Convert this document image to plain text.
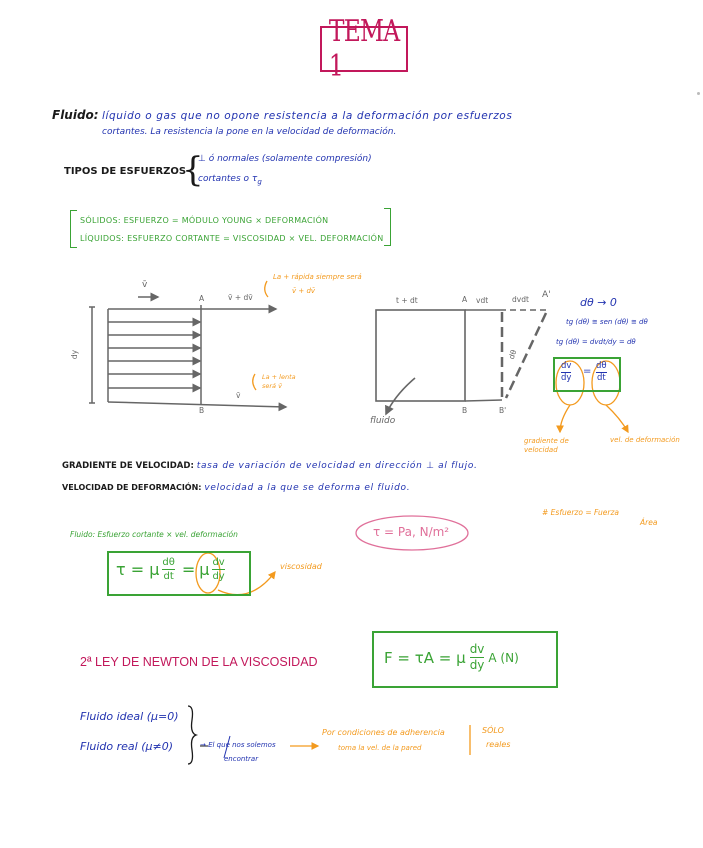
TEMA 1
Fluido: líquido o gas que no opone resistencia a la deformación por esfuerzos
cortantes. La resistencia la pone en la velocidad de deformación.
TIPOS DE ESFUERZOS
{
⊥ ó normales (solamente compresión)
cortantes o $\tau_g$
SÓLIDOS: ESFUERZO = MÓDULO YOUNG × DEFORMACIÓN
LÍQUIDOS: ESFUERZO CORTANTE = VISCOSIDAD × VEL. DEFORMACIÓN
v̄
A	v̄ + dv̄
dy
v̄
B
La + rápida siempre será
v̄ + dv̄
La + lenta
será v̄
t + dt	A vdt	dvdt A'
B	B'
dθ
fluido
dθ → 0
tg (dθ) ≅ sen (dθ) ≅ dθ
tg (dθ) = dvdt/dy = dθ
$\frac{dv}{dy} = \frac{d\theta}{dt}$
gradiente de velocidad
vel. de deformación
GRADIENTE DE VELOCIDAD: tasa de variación de velocidad en dirección ⊥ al flujo.
VELOCIDAD DE DEFORMACIÓN: velocidad a la que se deforma el fluido.
# Esfuerzo = Fuerza
Área
Fluido: Esfuerzo cortante × vel. deformación
τ = μ $\frac{d\theta}{dt} = \mu \frac{dv}{dy}$	viscosidad
τ = Pa, N/m²
2ª LEY DE NEWTON DE LA VISCOSIDAD	F = τA = μ $\frac{dv}{dy}$ A (N)
Fluido ideal (μ=0)
Fluido real (μ≠0)	→ El que nos solemos
encontrar
Por condiciones de adherencia
toma la vel. de la pared
SÓLO
reales
